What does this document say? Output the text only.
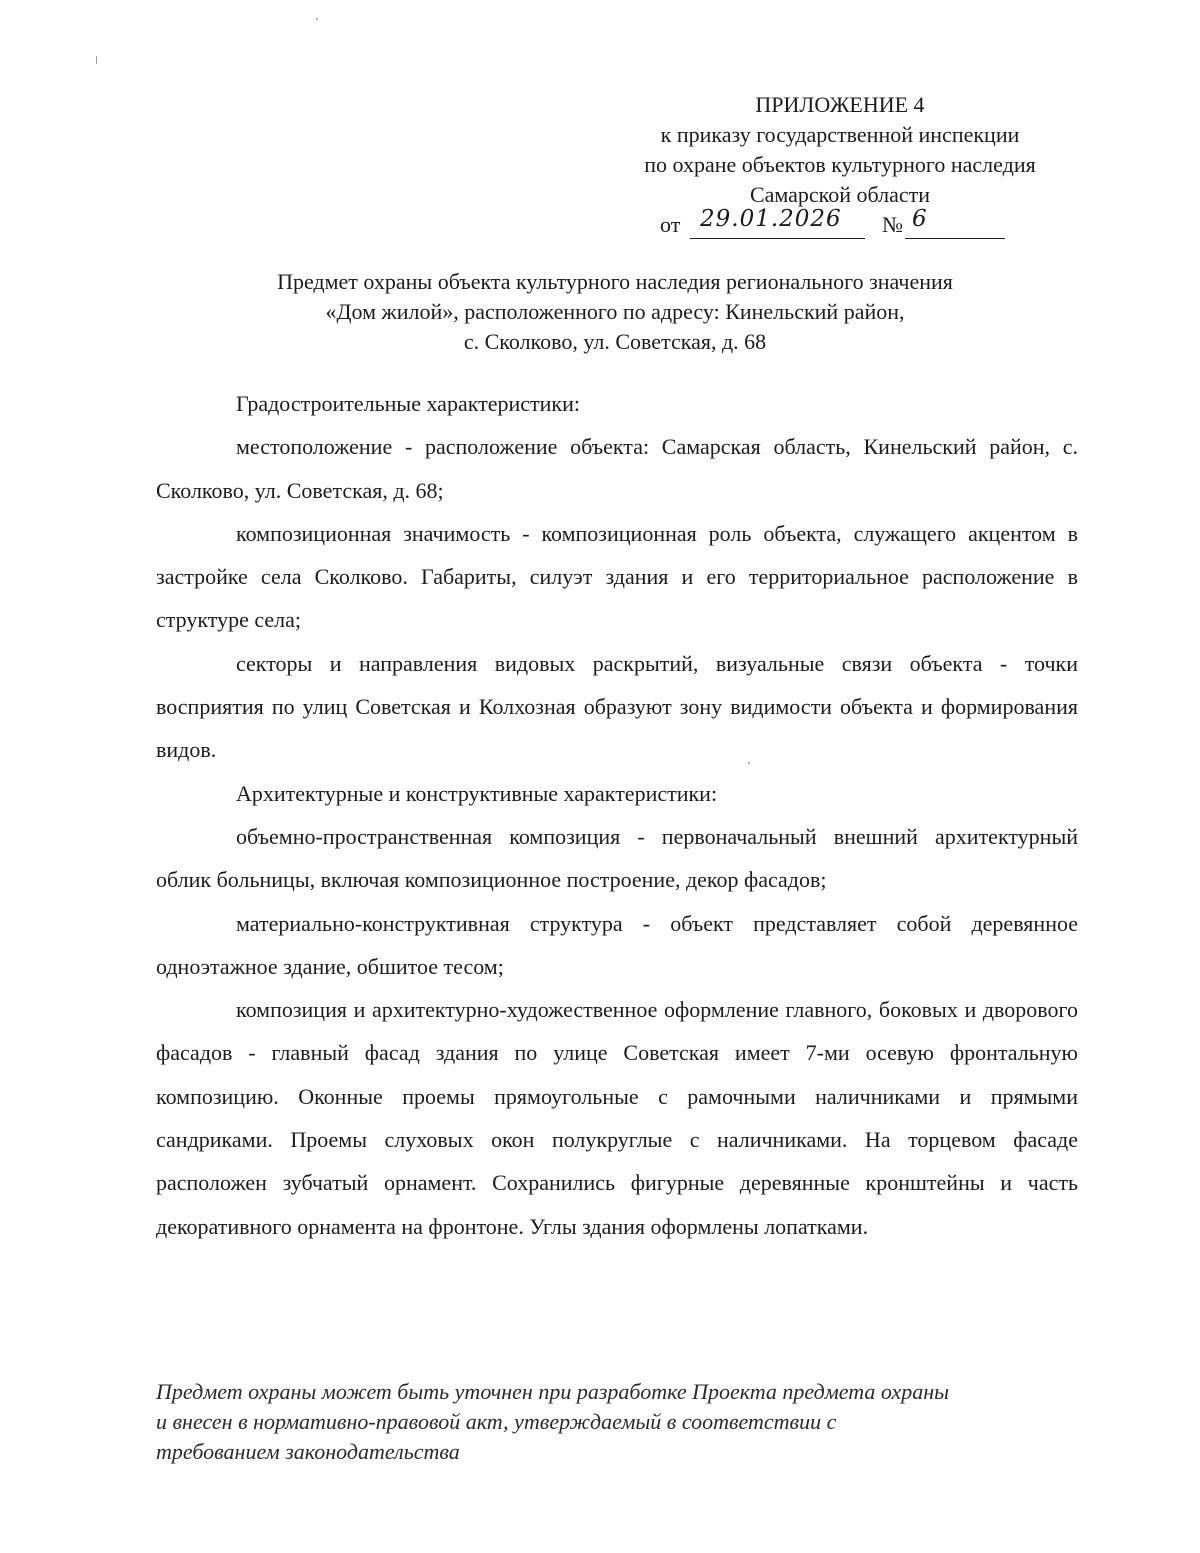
ПРИЛОЖЕНИЕ 4
к приказу государственной инспекции
по охране объектов культурного наследия
Самарской области
от 29.01.2026 № 6
Предмет охраны объекта культурного наследия регионального значения
«Дом жилой», расположенного по адресу: Кинельский район,
с. Сколково, ул. Советская, д. 68

Градостроительные характеристики:

местоположение - расположение объекта: Самарская область, Кинельский район, с. Сколково, ул. Советская, д. 68;

композиционная значимость - композиционная роль объекта, служащего акцентом в застройке села Сколково. Габариты, силуэт здания и его территориальное расположение в структуре села;

секторы и направления видовых раскрытий, визуальные связи объекта - точки восприятия по улиц Советская и Колхозная образуют зону видимости объекта и формирования видов.

Архитектурные и конструктивные характеристики:

объемно-пространственная композиция - первоначальный внешний архитектурный облик больницы, включая композиционное построение, декор фасадов;

материально-конструктивная структура - объект представляет собой деревянное одноэтажное здание, обшитое тесом;

композиция и архитектурно-художественное оформление главного, боковых и дворового фасадов - главный фасад здания по улице Советская имеет 7-ми осевую фронтальную композицию. Оконные проемы прямоугольные с рамочными наличниками и прямыми сандриками. Проемы слуховых окон полукруглые с наличниками. На торцевом фасаде расположен зубчатый орнамент. Сохранились фигурные деревянные кронштейны и часть декоративного орнамента на фронтоне. Углы здания оформлены лопатками.

Предмет охраны может быть уточнен при разработке Проекта предмета охраны
и внесен в нормативно-правовой акт, утверждаемый в соответствии с
требованием законодательства
